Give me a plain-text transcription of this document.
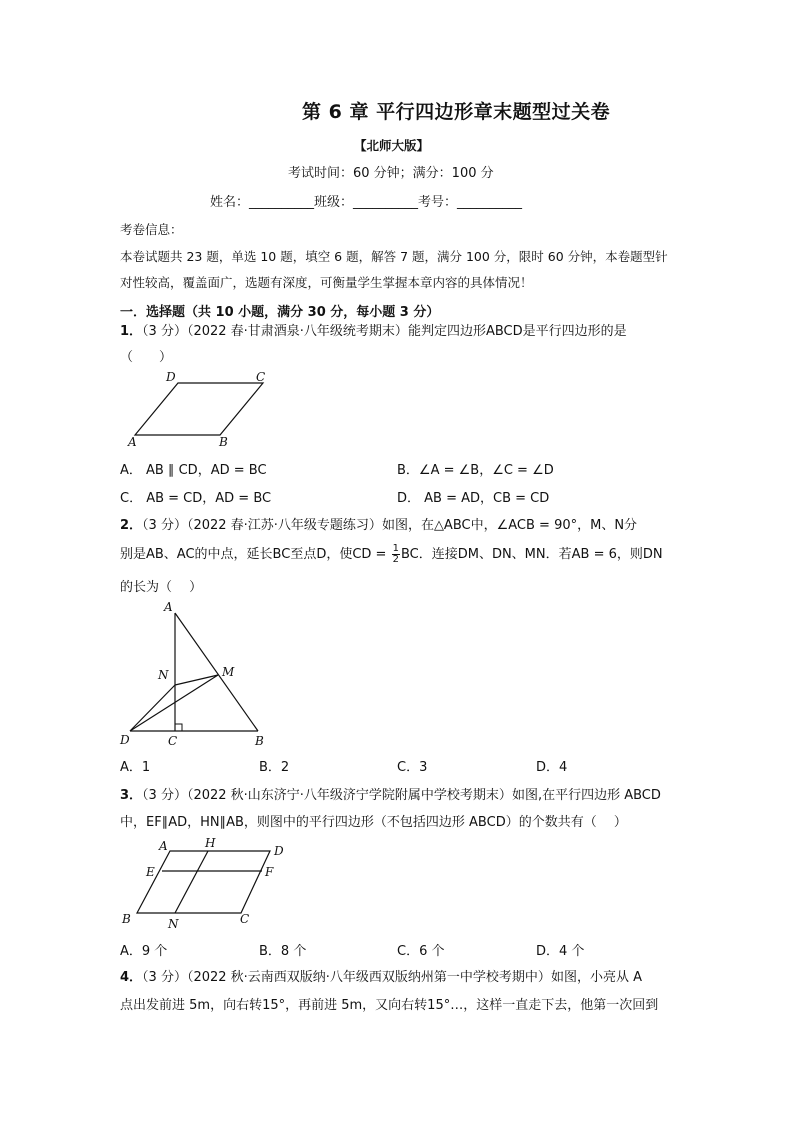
第 6 章 平行四边形章末题型过关卷
【北师大版】
考试时间：60 分钟；满分：100 分
姓名：__________班级：__________考号：__________
考卷信息：
本卷试题共 23 题，单选 10 题，填空 6 题，解答 7 题，满分 100 分，限时 60 分钟，本卷题型针
对性较高，覆盖面广，选题有深度，可衡量学生掌握本章内容的具体情况！
一．选择题（共 10 小题，满分 30 分，每小题 3 分）
1．（3 分）（2022 春·甘肃酒泉·八年级统考期末）能判定四边形ABCD是平行四边形的是
（　　）
A	B
C
D
A． AB ∥ CD，AD = BC	B．∠A = ∠B，∠C = ∠D
C． AB = CD，AD = BC	D． AB = AD，CB = CD
2．（3 分）（2022 春·江苏·八年级专题练习）如图，在△ABC中，∠ACB = 90°，M、N分
别是AB、AC的中点，延长BC至点D，使CD = $\frac{1}{2}$ BC．连接DM、DN、MN．若AB = 6，则DN
的长为（　 ）
A
N	M
D	C	B
A．1	B．2	C．3	D．4
3．（3 分）（2022 秋·山东济宁·八年级济宁学院附属中学校考期末）如图,在平行四边形 ABCD
中，EF∥AD，HN∥AB，则图中的平行四边形（不包括四边形 ABCD）的个数共有（　 ）
A	H
D
E	F
B	N	C
A．9 个	B．8 个	C．6 个	D．4 个
4．（3 分）（2022 秋·云南西双版纳·八年级西双版纳州第一中学校考期中）如图，小亮从 A
点出发前进 5m，向右转15°，再前进 5m，又向右转15°…，这样一直走下去，他第一次回到
